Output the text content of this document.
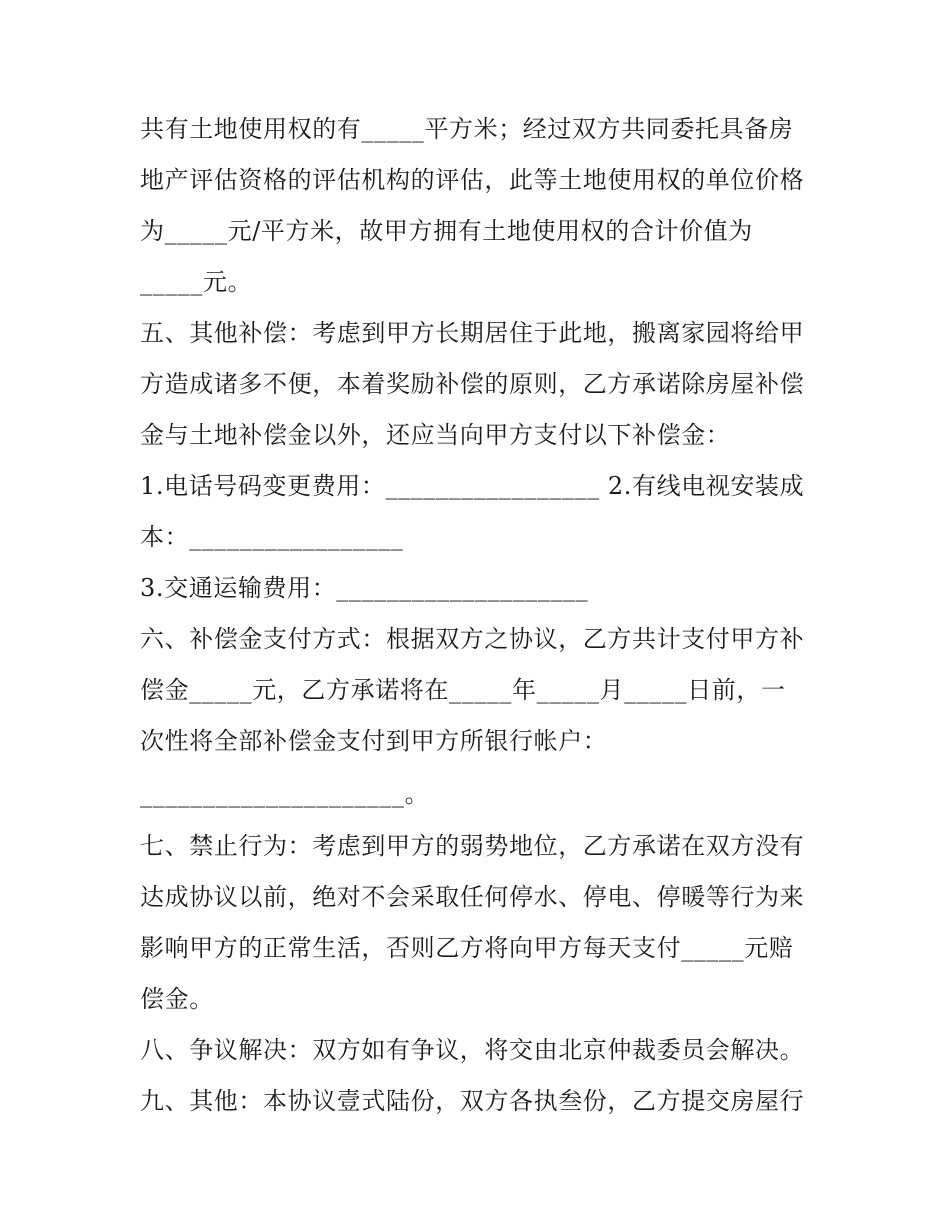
共有土地使用权的有_____平方米；经过双方共同委托具备房
地产评估资格的评估机构的评估，此等土地使用权的单位价格
为_____元/平方米，故甲方拥有土地使用权的合计价值为
_____元。
五、其他补偿：考虑到甲方长期居住于此地，搬离家园将给甲
方造成诸多不便，本着奖励补偿的原则，乙方承诺除房屋补偿
金与土地补偿金以外，还应当向甲方支付以下补偿金：
1.电话号码变更费用：_________________ 2.有线电视安装成
本：_________________
3.交通运输费用：____________________
六、补偿金支付方式：根据双方之协议，乙方共计支付甲方补
偿金_____元，乙方承诺将在_____年_____月_____日前，一
次性将全部补偿金支付到甲方所银行帐户：
_____________________。
七、禁止行为：考虑到甲方的弱势地位，乙方承诺在双方没有
达成协议以前，绝对不会采取任何停水、停电、停暖等行为来
影响甲方的正常生活，否则乙方将向甲方每天支付_____元赔
偿金。
八、争议解决：双方如有争议，将交由北京仲裁委员会解决。
九、其他：本协议壹式陆份，双方各执叁份，乙方提交房屋行
